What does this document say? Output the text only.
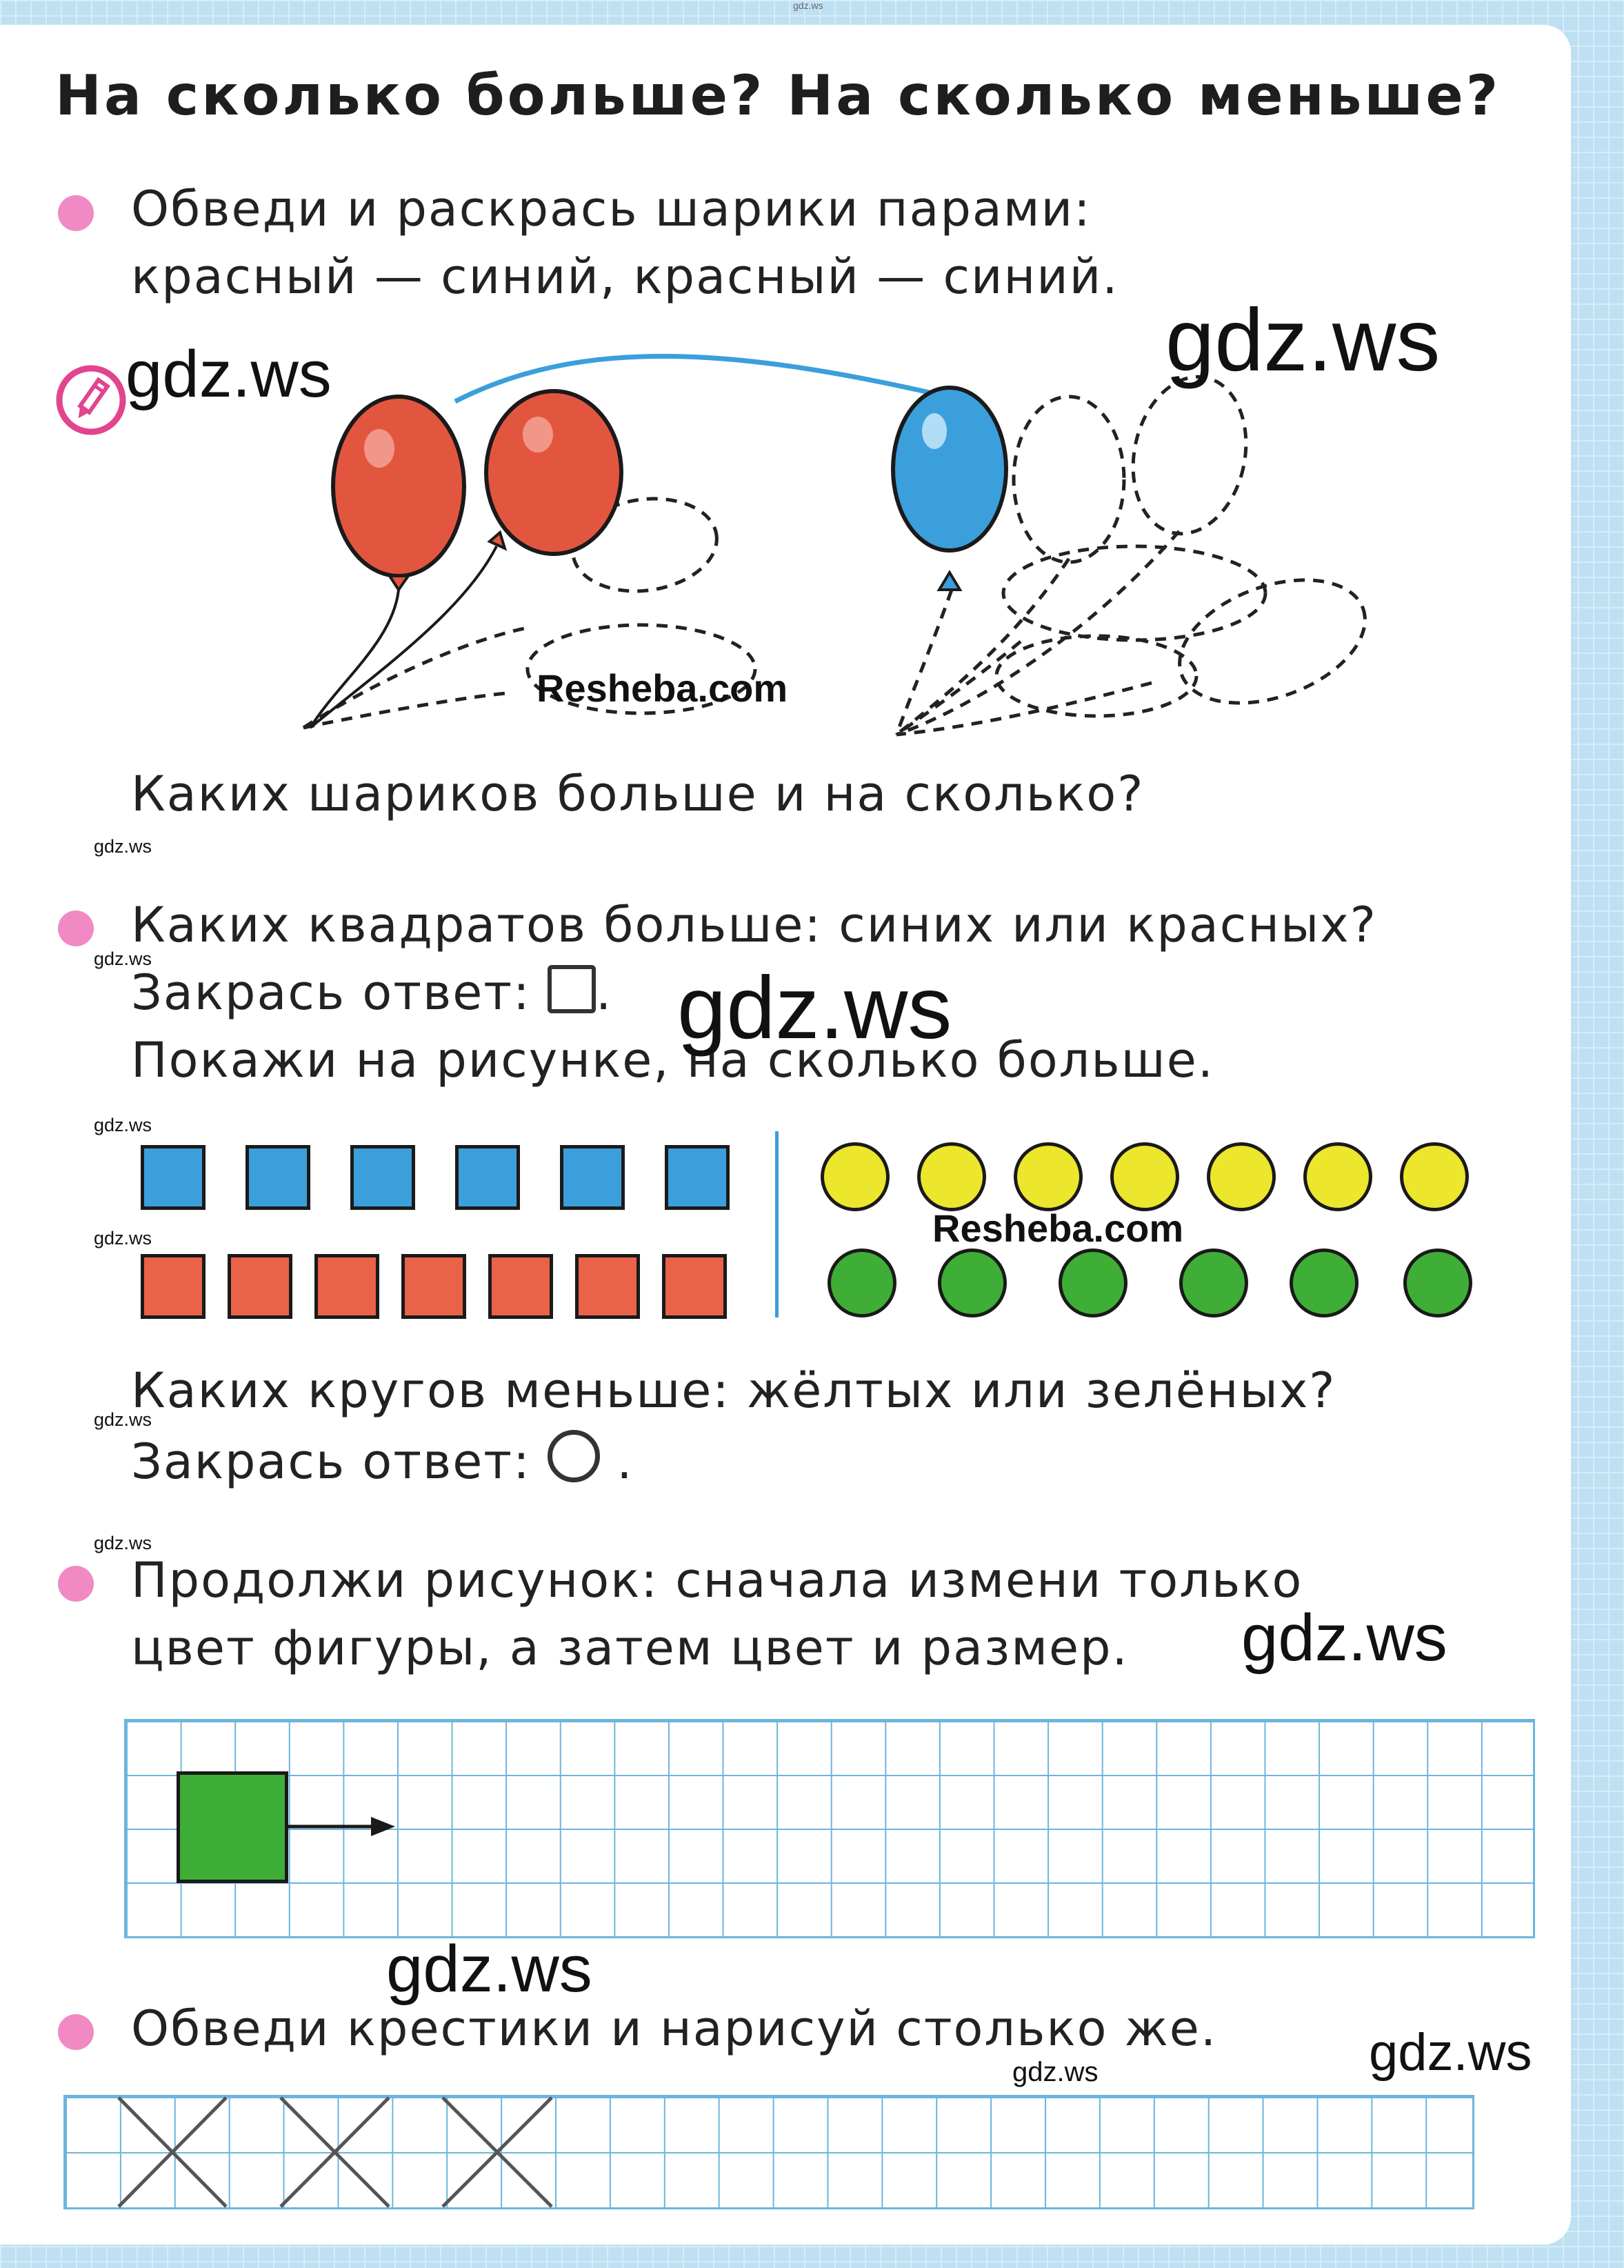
gdz.ws
На сколько больше? На сколько меньше?
Обведи и раскрась шарики парами:
красный — синий, красный — синий.
Каких шариков больше и на сколько?
Каких квадратов больше: синих или красных?
Закрась ответ: .
Покажи на рисунке, на сколько больше.
Каких кругов меньше: жёлтых или зелёных?
Закрась ответ: .
Продолжи рисунок: сначала измени только
цвет фигуры, а затем цвет и размер.
Обведи крестики и нарисуй столько же.
gdz.ws
gdz.ws
Resheba.com
gdz.ws
gdz.ws	gdz.ws
gdz.ws
Resheba.com
gdz.ws
gdz.ws
gdz.ws
gdz.ws
gdz.ws
gdz.ws	gdz.ws
